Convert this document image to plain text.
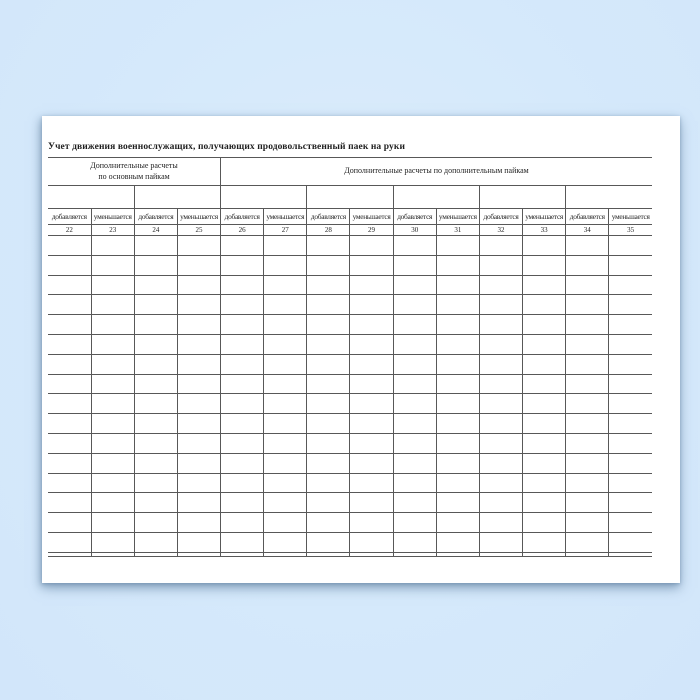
Учет движения военнослужащих, получающих продовольственный паек на руки
Дополнительные расчеты
по основным пайкам				Дополнительные расчеты по дополнительным пайкам									

добавляется	уменьшается	добавляется	уменьшается	добавляется	уменьшается	добавляется	уменьшается	добавляется	уменьшается	добавляется	уменьшается	добавляется	уменьшается
22	23	24	25	26	27	28	29	30	31	32	33	34	35
